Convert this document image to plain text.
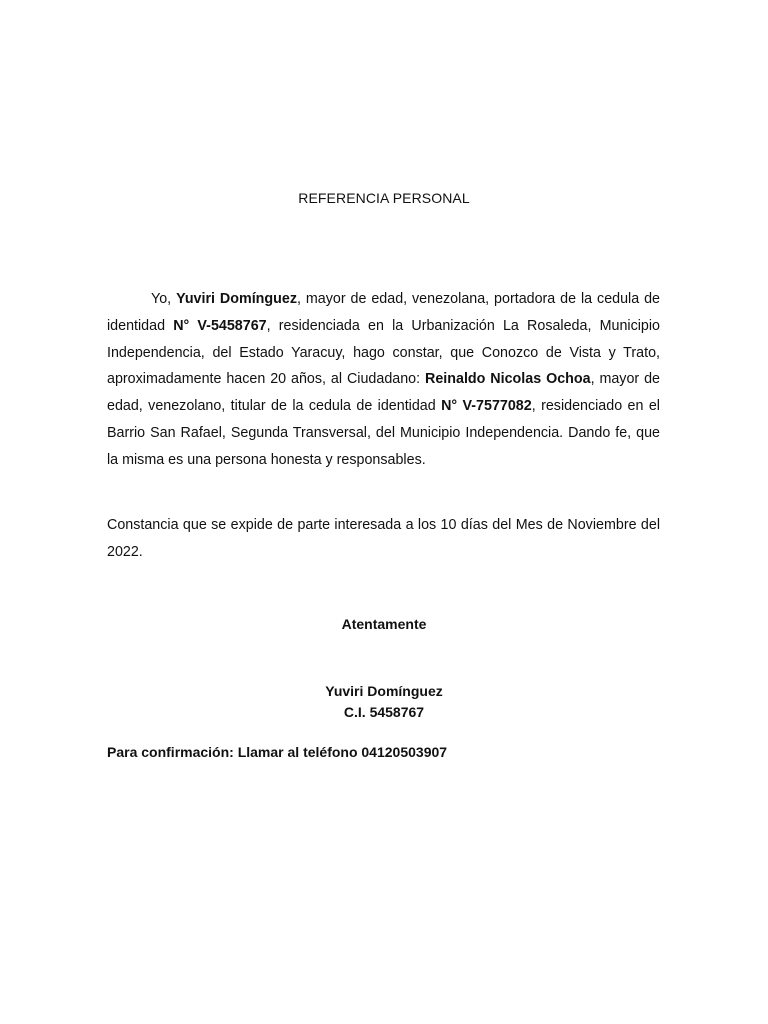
REFERENCIA PERSONAL

Yo, Yuviri Domínguez, mayor de edad, venezolana, portadora de la cedula de identidad N° V-5458767, residenciada en la Urbanización La Rosaleda, Municipio Independencia, del Estado Yaracuy, hago constar, que Conozco de Vista y Trato, aproximadamente hacen 20 años, al Ciudadano: Reinaldo Nicolas Ochoa, mayor de edad, venezolano, titular de la cedula de identidad N° V-7577082, residenciado en el Barrio San Rafael, Segunda Transversal, del Municipio Independencia. Dando fe, que la misma es una persona honesta y responsables.

Constancia que se expide de parte interesada a los 10 días del Mes de Noviembre del 2022.

Atentamente
Yuviri Domínguez
C.I. 5458767
Para confirmación: Llamar al teléfono 04120503907
